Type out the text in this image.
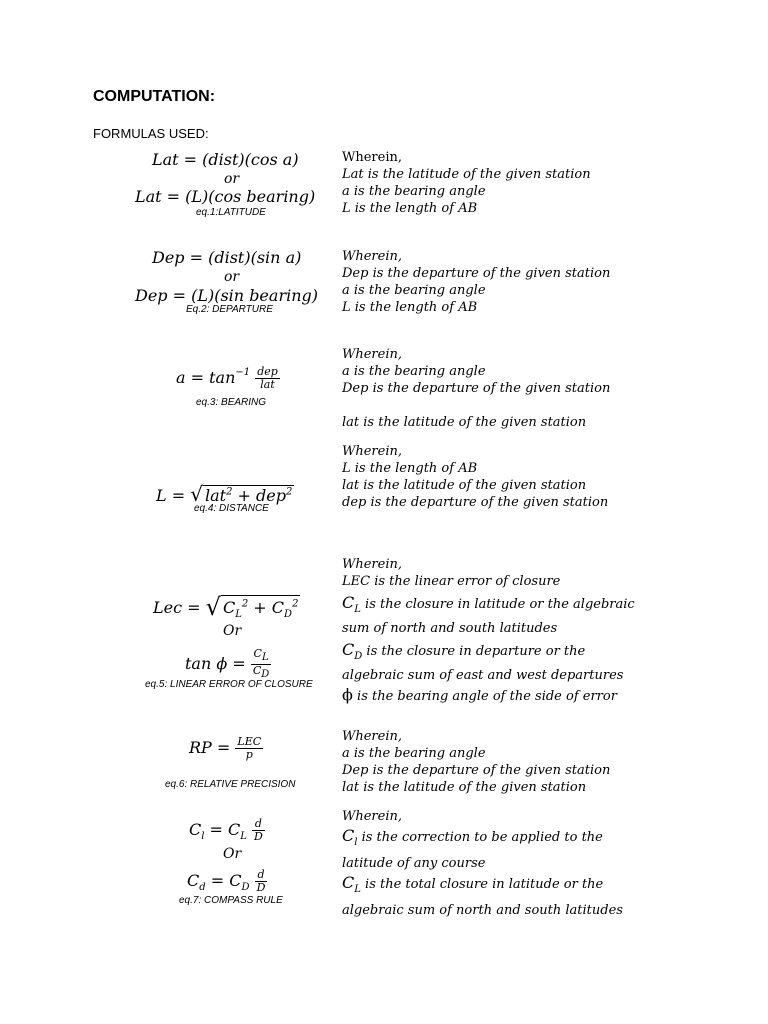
COMPUTATION:
FORMULAS USED:
Lat = (dist)(cos a)
or
Lat = (L)(cos bearing)
eq.1:LATITUDE
Wherein,
Lat is the latitude of the given station
a is the bearing angle
L is the length of AB
Dep = (dist)(sin a)
or
Dep = (L)(sin bearing)
Eq.2: DEPARTURE
Wherein,
Dep is the departure of the given station
a is the bearing angle
L is the length of AB
$a = \tan^{-1} \frac{\text{dep}}{\text{lat}}$
eq.3: BEARING
Wherein,
a is the bearing angle
Dep is the departure of the given station
lat is the latitude of the given station
L = √ lat$^2$ + dep$^2$
eq.4: DISTANCE
Wherein,
L is the length of AB
lat is the latitude of the given station
dep is the departure of the given station
Lec = √ $C_L^2 + C_D^2$
Or
$\tan \phi = \frac{C_L}{C_D}$
eq.5: LINEAR ERROR OF CLOSURE
Wherein,
LEC is the linear error of closure
$C_L$ is the closure in latitude or the algebraic
sum of north and south latitudes
$C_D$ is the closure in departure or the
algebraic sum of east and west departures
ϕ is the bearing angle of the side of error
RP = $\frac{\text{LEC}}{p}$
eq.6: RELATIVE PRECISION
Wherein,
a is the bearing angle
Dep is the departure of the given station
lat is the latitude of the given station
$C_l = C_L \frac{d}{D}$
Or
$C_d = C_D \frac{d}{D}$
eq.7: COMPASS RULE
Wherein,
$C_l$ is the correction to be applied to the
latitude of any course
$C_L$ is the total closure in latitude or the
algebraic sum of north and south latitudes
